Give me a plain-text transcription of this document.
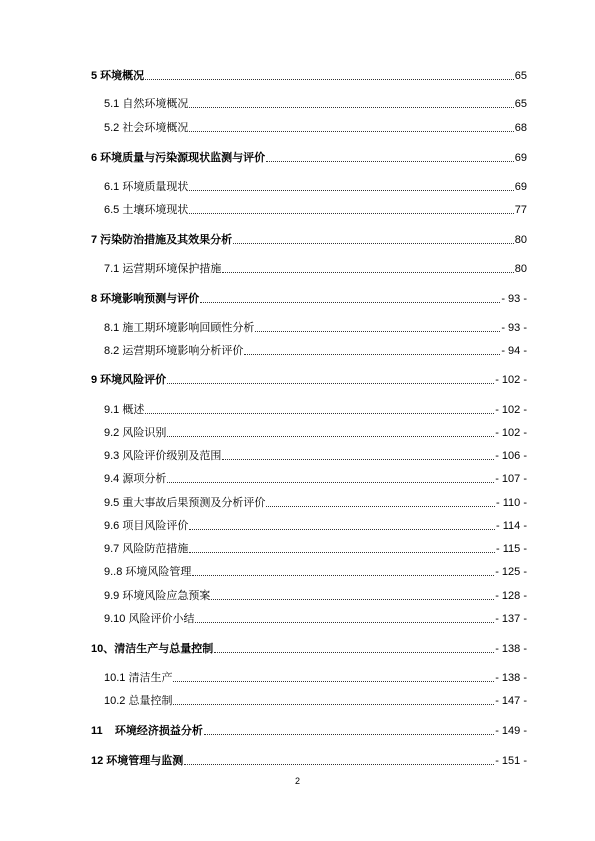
5 环境概况	65
5.1 自然环境概况	65
5.2 社会环境概况	68
6 环境质量与污染源现状监测与评价	69
6.1 环境质量现状	69
6.5 土壤环境现状	77
7 污染防治措施及其效果分析	80
7.1 运营期环境保护措施	80
8 环境影响预测与评价	- 93 -
8.1 施工期环境影响回顾性分析	- 93 -
8.2 运营期环境影响分析评价	- 94 -
9 环境风险评价	- 102 -
9.1 概述	- 102 -
9.2 风险识别	- 102 -
9.3 风险评价级别及范围	- 106 -
9.4 源项分析	- 107 -
9.5 重大事故后果预测及分析评价	- 110 -
9.6 项目风险评价	- 114 -
9.7 风险防范措施	- 115 -
9..8 环境风险管理	- 125 -
9.9 环境风险应急预案	- 128 -
9.10 风险评价小结	- 137 -
10、清洁生产与总量控制	- 138 -
10.1 清洁生产	- 138 -
10.2 总量控制	- 147 -
11    环境经济损益分析	- 149 -
12 环境管理与监测	- 151 -
2
